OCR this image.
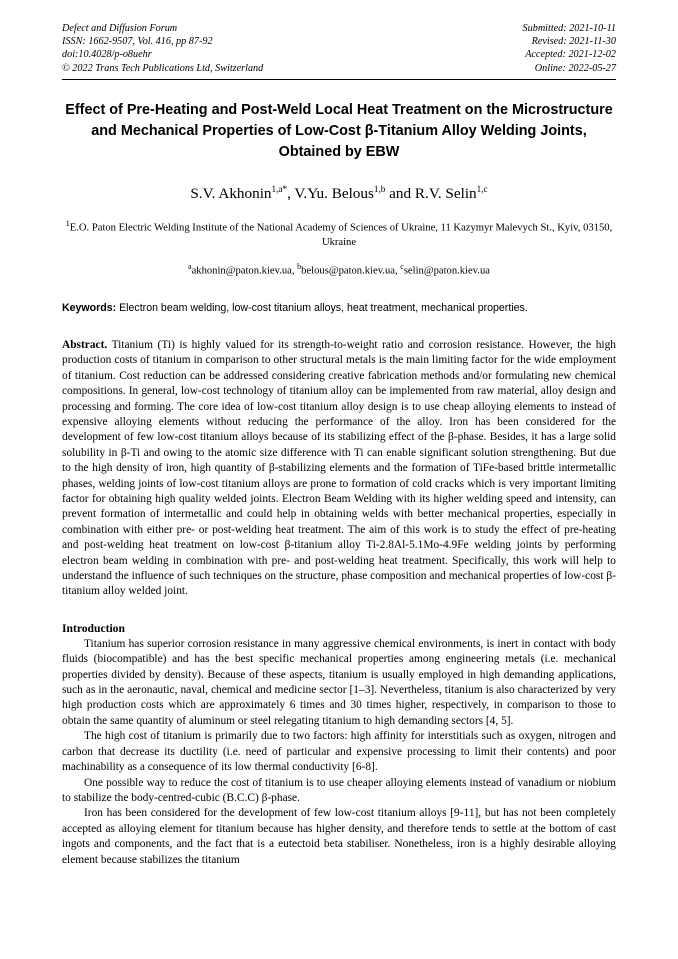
Defect and Diffusion Forum
ISSN: 1662-9507, Vol. 416, pp 87-92
doi:10.4028/p-o8uehr
© 2022 Trans Tech Publications Ltd, Switzerland
Submitted: 2021-10-11
Revised: 2021-11-30
Accepted: 2021-12-02
Online: 2022-05-27
Effect of Pre-Heating and Post-Weld Local Heat Treatment on the Microstructure and Mechanical Properties of Low-Cost β-Titanium Alloy Welding Joints, Obtained by EBW
S.V. Akhonin$^{1,a*}$, V.Yu. Belous$^{1,b}$ and R.V. Selin$^{1,c}$
$^1$E.O. Paton Electric Welding Institute of the National Academy of Sciences of Ukraine, 11 Kazymyr Malevych St., Kyiv, 03150, Ukraine
$^a$akhonin@paton.kiev.ua, $^b$belous@paton.kiev.ua, $^c$selin@paton.kiev.ua
Keywords: Electron beam welding, low-cost titanium alloys, heat treatment, mechanical properties.
Abstract. Titanium (Ti) is highly valued for its strength-to-weight ratio and corrosion resistance. However, the high production costs of titanium in comparison to other structural metals is the main limiting factor for the wide employment of titanium. Cost reduction can be addressed considering creative fabrication methods and/or formulating new chemical compositions. In general, low-cost technology of titanium alloy can be implemented from raw material, alloy design and processing and forming. The core idea of low-cost titanium alloy design is to use cheap alloying elements to instead of expensive alloying elements without reducing the performance of the alloy. Iron has been considered for the development of few low-cost titanium alloys because of its stabilizing effect of the β-phase. Besides, it has a large solid solubility in β-Ti and owing to the atomic size difference with Ti can enable significant solution strengthening. But due to the high density of iron, high quantity of β-stabilizing elements and the formation of TiFe-based brittle intermetallic phases, welding joints of low-cost titanium alloys are prone to formation of cold cracks which is very important limiting factor for obtaining high quality welded joints. Electron Beam Welding with its higher welding speed and intensity, can prevent formation of intermetallic and could help in obtaining welds with better mechanical properties, especially in combination with either pre- or post-welding heat treatment. The aim of this work is to study the effect of pre-heating and post-welding heat treatment on low-cost β-titanium alloy Ti-2.8Al-5.1Mo-4.9Fe welding joints by performing electron beam welding in combination with pre- and post-welding heat treatment. Specifically, this work will help to understand the influence of such techniques on the structure, phase composition and mechanical properties of low-cost β-titanium alloy welded joint.
Introduction

Titanium has superior corrosion resistance in many aggressive chemical environments, is inert in contact with body fluids (biocompatible) and has the best specific mechanical properties among engineering metals (i.e. mechanical properties divided by density). Because of these aspects, titanium is usually employed in high demanding applications, such as in the aeronautic, naval, chemical and medicine sector [1–3]. Nevertheless, titanium is also characterized by very high production costs which are approximately 6 times and 30 times higher, respectively, in comparison to those to obtain the same quantity of aluminum or steel relegating titanium to high demanding sectors [4, 5].

The high cost of titanium is primarily due to two factors: high affinity for interstitials such as oxygen, nitrogen and carbon that decrease its ductility (i.e. need of particular and expensive processing to limit their contents) and poor machinability as a consequence of its low thermal conductivity [6-8].

One possible way to reduce the cost of titanium is to use cheaper alloying elements instead of vanadium or niobium to stabilize the body-centred-cubic (B.C.C) β-phase.

Iron has been considered for the development of few low-cost titanium alloys [9-11], but has not been completely accepted as alloying element for titanium because has higher density, and therefore tends to settle at the bottom of cast ingots and components, and the fact that is a eutectoid beta stabiliser. Nonetheless, iron is a highly desirable alloying element because stabilizes the titanium
